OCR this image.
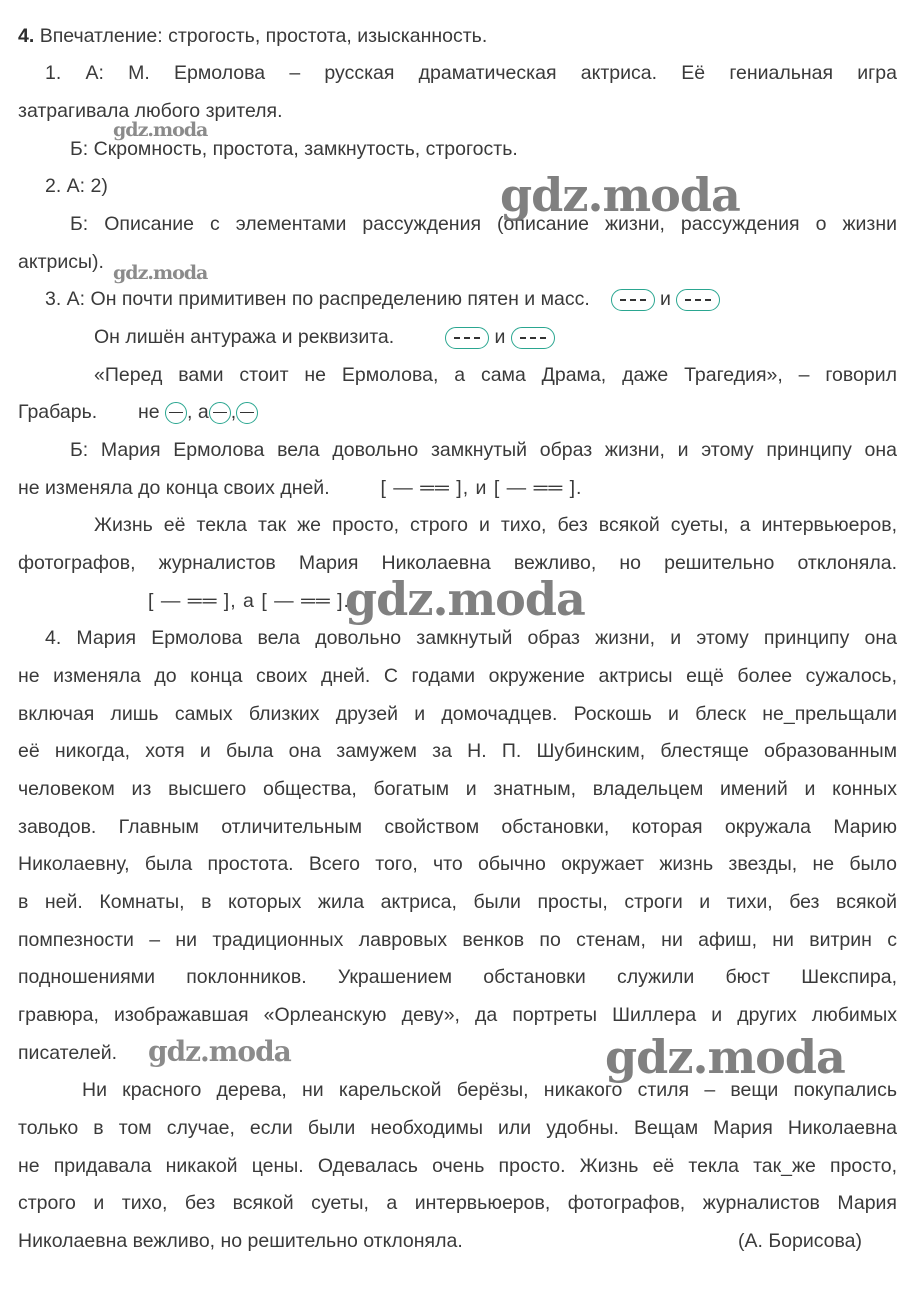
4. Впечатление: строгость, простота, изысканность.
1. А: М. Ермолова – русская драматическая актриса. Её гениальная игра
затрагивала любого зрителя.
Б: Скромность, простота, замкнутость, строгость.
2. А: 2)
Б: Описание с элементами рассуждения (описание жизни, рассуждения о жизни
актрисы).
3. А: Он почти примитивен по распределению пятен и масс.	и
Он лишён антуража и реквизита.	и
«Перед вами стоит не Ермолова, а сама Драма, даже Трагедия», – говорил
Грабарь. не , а ,
Б: Мария Ермолова вела довольно замкнутый образ жизни, и этому принципу она
не изменяла до конца своих дней.	[ — ══ ], и [ — ══ ].
Жизнь её текла так же просто, строго и тихо, без всякой суеты, а интервьюеров,
фотографов, журналистов Мария Николаевна вежливо, но решительно отклоняла.
[ — ══ ], а [ — ══ ].
4. Мария Ермолова вела довольно замкнутый образ жизни, и этому принципу она
не изменяла до конца своих дней. С годами окружение актрисы ещё более сужалось,
включая лишь самых близких друзей и домочадцев. Роскошь и блеск не_прельщали
её никогда, хотя и была она замужем за Н. П. Шубинским, блестяще образованным
человеком из высшего общества, богатым и знатным, владельцем имений и конных
заводов. Главным отличительным свойством обстановки, которая окружала Марию
Николаевну, была простота. Всего того, что обычно окружает жизнь звезды, не было
в ней. Комнаты, в которых жила актриса, были просты, строги и тихи, без всякой
помпезности – ни традиционных лавровых венков по стенам, ни афиш, ни витрин с
подношениями поклонников. Украшением обстановки служили бюст Шекспира,
гравюра, изображавшая «Орлеанскую деву», да портреты Шиллера и других любимых
писателей.
Ни красного дерева, ни карельской берёзы, никакого стиля – вещи покупались
только в том случае, если были необходимы или удобны. Вещам Мария Николаевна
не придавала никакой цены. Одевалась очень просто. Жизнь её текла так_же просто,
строго и тихо, без всякой суеты, а интервьюеров, фотографов, журналистов Мария
Николаевна вежливо, но решительно отклоняла.	(А. Борисова)
gdz.moda
gdz.moda
gdz.moda
gdz.moda
gdz.moda
gdz.moda
